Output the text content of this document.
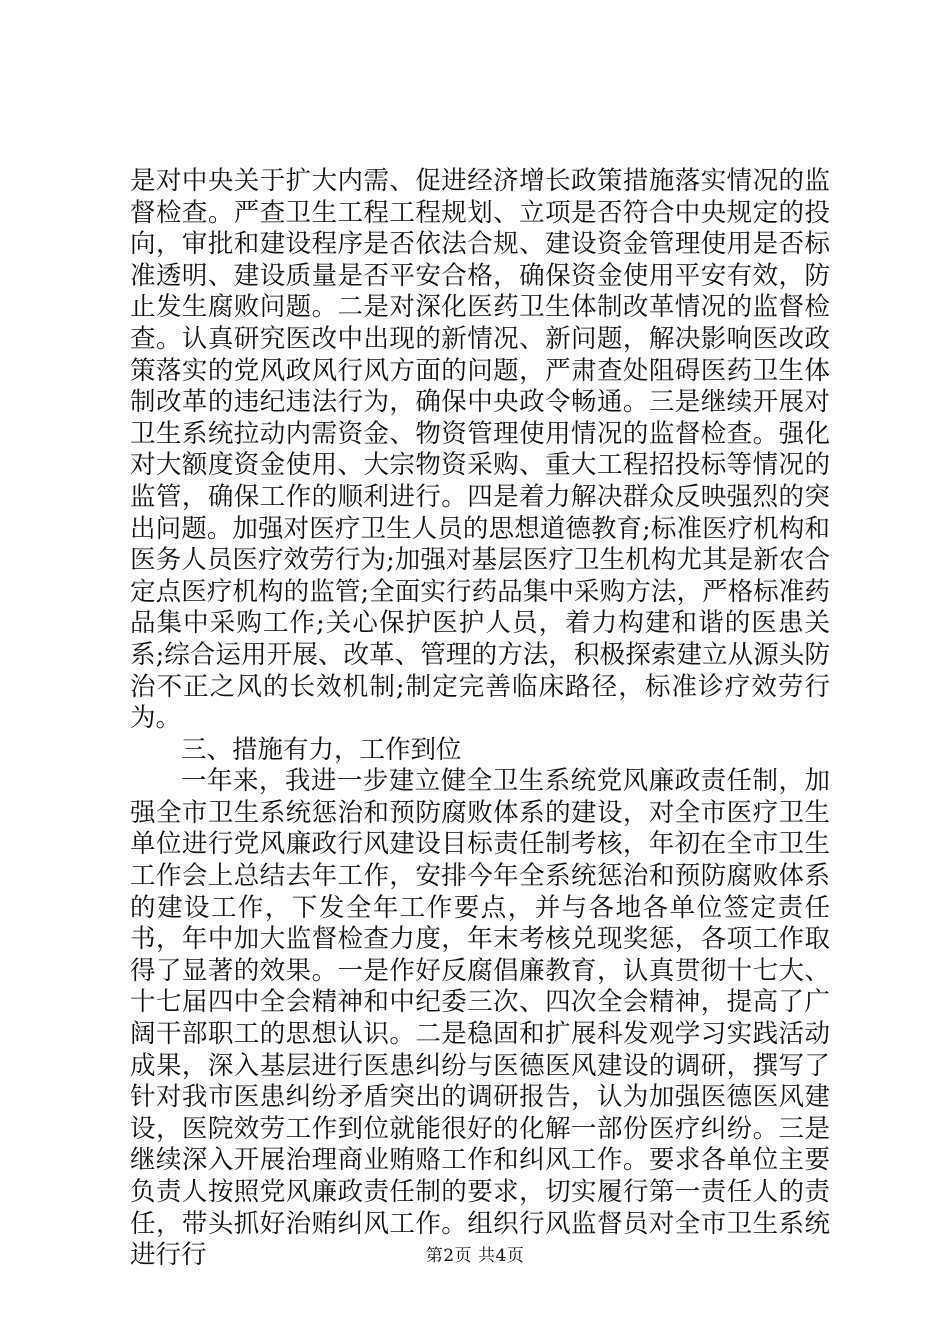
是对中央关于扩大内需、促进经济增长政策措施落实情况的监督检查。严查卫生工程工程规划、立项是否符合中央规定的投向，审批和建设程序是否依法合规、建设资金管理使用是否标准透明、建设质量是否平安合格，确保资金使用平安有效，防止发生腐败问题。二是对深化医药卫生体制改革情况的监督检查。认真研究医改中出现的新情况、新问题，解决影响医改政策落实的党风政风行风方面的问题，严肃查处阻碍医药卫生体制改革的违纪违法行为，确保中央政令畅通。三是继续开展对卫生系统拉动内需资金、物资管理使用情况的监督检查。强化对大额度资金使用、大宗物资采购、重大工程招投标等情况的监管，确保工作的顺利进行。四是着力解决群众反映强烈的突出问题。加强对医疗卫生人员的思想道德教育;标准医疗机构和医务人员医疗效劳行为;加强对基层医疗卫生机构尤其是新农合定点医疗机构的监管;全面实行药品集中采购方法，严格标准药品集中采购工作;关心保护医护人员，着力构建和谐的医患关系;综合运用开展、改革、管理的方法，积极探索建立从源头防治不正之风的长效机制;制定完善临床路径，标准诊疗效劳行为。

三、措施有力，工作到位

一年来，我进一步建立健全卫生系统党风廉政责任制，加强全市卫生系统惩治和预防腐败体系的建设，对全市医疗卫生单位进行党风廉政行风建设目标责任制考核，年初在全市卫生工作会上总结去年工作，安排今年全系统惩治和预防腐败体系的建设工作，下发全年工作要点，并与各地各单位签定责任书，年中加大监督检查力度，年末考核兑现奖惩，各项工作取得了显著的效果。一是作好反腐倡廉教育，认真贯彻十七大、十七届四中全会精神和中纪委三次、四次全会精神，提高了广阔干部职工的思想认识。二是稳固和扩展科发观学习实践活动成果，深入基层进行医患纠纷与医德医风建设的调研，撰写了针对我市医患纠纷矛盾突出的调研报告，认为加强医德医风建设，医院效劳工作到位就能很好的化解一部份医疗纠纷。三是继续深入开展治理商业贿赂工作和纠风工作。要求各单位主要负责人按照党风廉政责任制的要求，切实履行第一责任人的责任，带头抓好治贿纠风工作。组织行风监督员对全市卫生系统进行行	第2页 共4页
